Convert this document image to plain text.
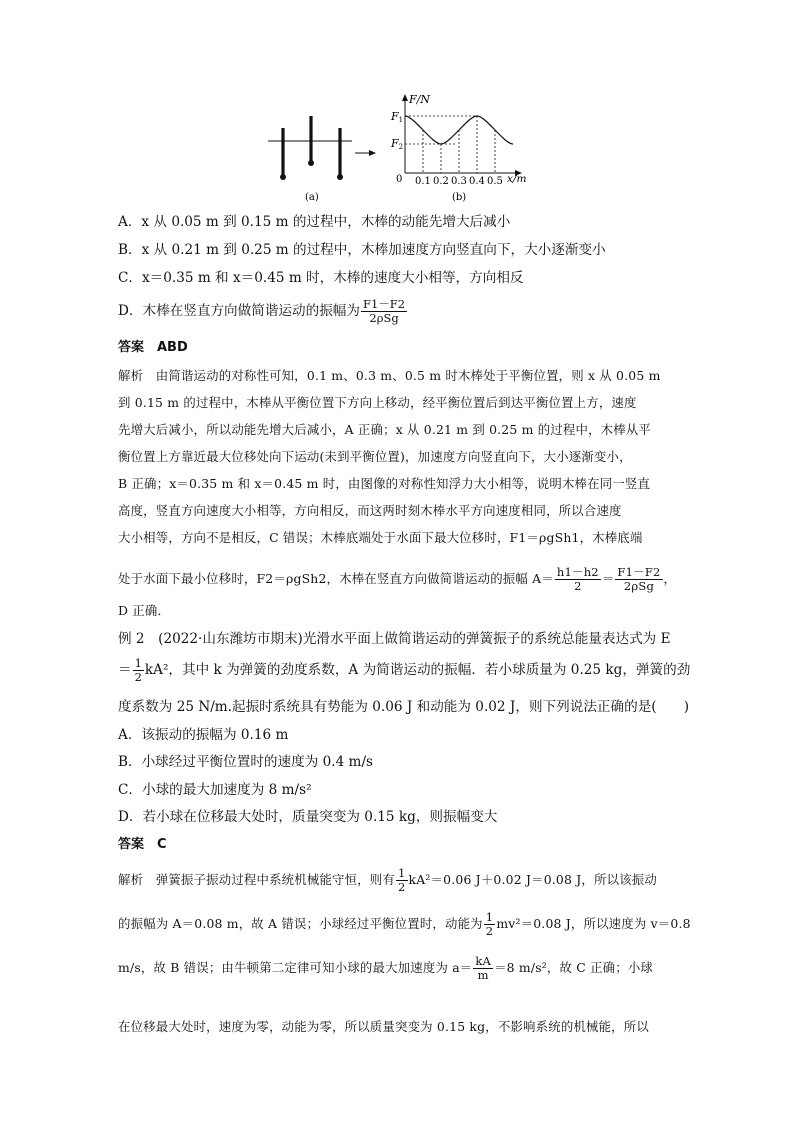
F/N
F1
F2
0 0.1 0.2 0.3 0.4 0.5 x/m
(a)	(b)
A．x 从 0.05 m 到 0.15 m 的过程中，木棒的动能先增大后减小
B．x 从 0.21 m 到 0.25 m 的过程中，木棒加速度方向竖直向下，大小逐渐变小
C．x＝0.35 m 和 x＝0.45 m 时，木棒的速度大小相等，方向相反
D．木棒在竖直方向做简谐运动的振幅为 $\frac{F1-F2}{\text{2ρSg}}$
答案　ABD
解析　由简谐运动的对称性可知，0.1 m、0.3 m、0.5 m 时木棒处于平衡位置，则 x 从 0.05 m
到 0.15 m 的过程中，木棒从平衡位置下方向上移动，经平衡位置后到达平衡位置上方，速度
先增大后减小，所以动能先增大后减小，A 正确；x 从 0.21 m 到 0.25 m 的过程中，木棒从平
衡位置上方靠近最大位移处向下运动(未到平衡位置)，加速度方向竖直向下，大小逐渐变小，
B 正确；x＝0.35 m 和 x＝0.45 m 时，由图像的对称性知浮力大小相等，说明木棒在同一竖直
高度，竖直方向速度大小相等，方向相反，而这两时刻木棒水平方向速度相同，所以合速度
大小相等，方向不是相反，C 错误；木棒底端处于水面下最大位移时，F1＝ρgSh1，木棒底端
处于水面下最小位移时，F2＝ρgSh2，木棒在竖直方向做简谐运动的振幅 $A= \frac{h1-h2}{2} = \frac{F1-F2}{\text{2ρSg}}$ ，
D 正确．
例 2　(2022·山东潍坊市期末)光滑水平面上做简谐运动的弹簧振子的系统总能量表达式为 E
＝ $\frac{1}{2} kA^2$，其中 k 为弹簧的劲度系数，A 为简谐运动的振幅．若小球质量为 0.25 kg，弹簧的劲
度系数为 25 N/m.起振时系统具有势能为 0.06 J 和动能为 0.02 J，则下列说法正确的是(　　)
A．该振动的振幅为 0.16 m
B．小球经过平衡位置时的速度为 0.4 m/s
C．小球的最大加速度为 8 m/s²
D．若小球在位移最大处时，质量突变为 0.15 kg，则振幅变大
答案　C
解析　弹簧振子振动过程中系统机械能守恒，则有 $\frac{1}{2} kA^2=0.06$ J＋0.02 J＝0.08 J，所以该振动
的振幅为 A＝0.08 m，故 A 错误；小球经过平衡位置时，动能为 $\frac{1}{2} mv^2=0.08$ J，所以速度为 v＝0.8
m/s，故 B 错误；由牛顿第二定律可知小球的最大加速度为 $a= \frac{kA}{m} =8$ m/s²，故 C 正确；小球
在位移最大处时，速度为零，动能为零，所以质量突变为 0.15 kg，不影响系统的机械能，所以
